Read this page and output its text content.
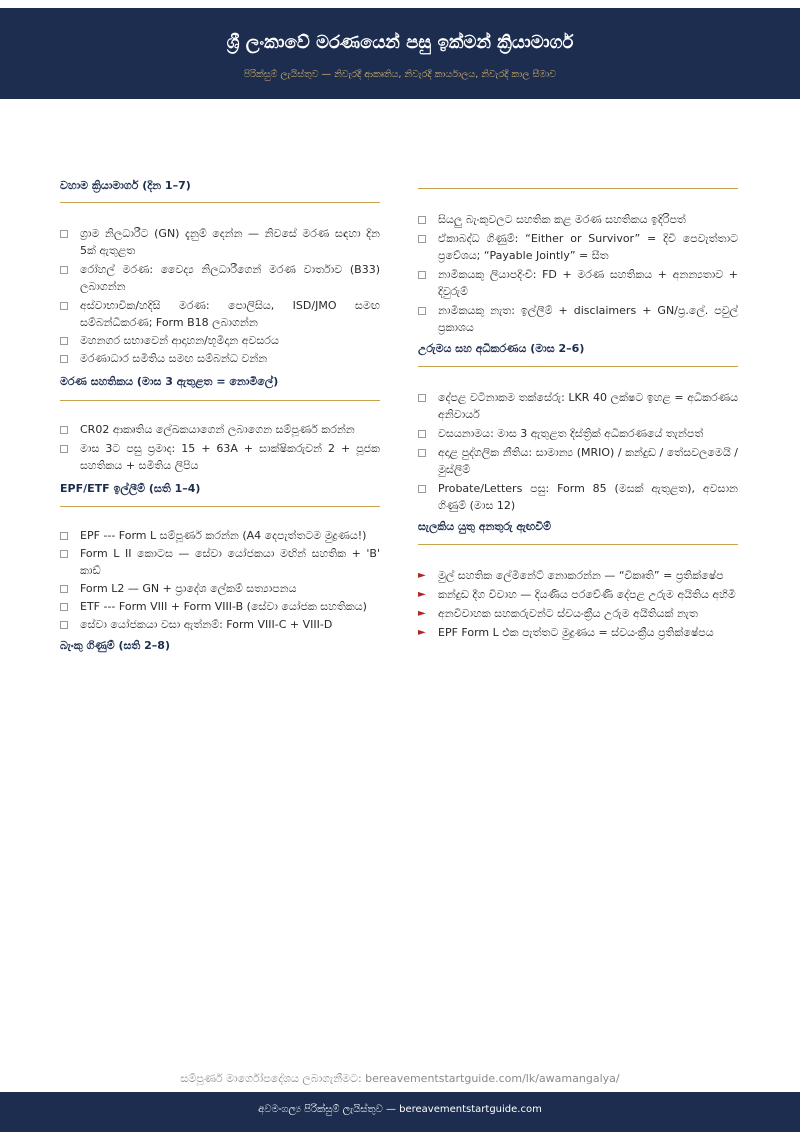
ශ්‍රී ලංකාවේ මරණයෙන් පසු ඉක්මන් ක්‍රියාමාර්ග
පිරික්සුම් ලැයිස්තුව — නිවැරදි ආකෘතිය, නිවැරදි කාර්යාලය, නිවැරදි කාල සීමාව
වහාම ක්‍රියාමාර්ග (දින 1–7)
ග්‍රාම නිලධාරීට (GN) දැනුම් දෙන්න — නිවසේ මරණ සඳහා දින 5ක් ඇතුළත
රෝහල් මරණ: වෛද්‍ය නිලධාරීගෙන් මරණ වාර්තාව (B33) ලබාගන්න
අස්වාභාවික/හදිසි මරණ: පොලිසිය, ISD/JMO සමඟ සම්බන්ධීකරණ; Form B18 ලබාගන්න
මහනගර සභාවෙන් ආදාහන/භූමිදාන අවසරය
මරණාධාර සමිතිය සමඟ සම්බන්ධ වන්න
මරණ සහතිකය (මාස 3 ඇතුළත = නොමිලේ)
CR02 ආකෘතිය ලේඛකයාගෙන් ලබාගෙන සම්පූර්ණ කරන්න
මාස 3ට පසු ප්‍රමාද: 15 + 63A + සාක්ෂිකරුවන් 2 + පූජක සහතිකය + සමිතිය ලිපිය
EPF/ETF ඉල්ලීම් (සති 1–4)
EPF --- Form L සම්පූර්ණ කරන්න (A4 දෙපැත්තටම මුද්‍රණය!)
Form L II කොටස — සේවා යෝජකයා මඟින් සහතික + 'B' කාඩ්
Form L2 — GN + ප්‍රාදේශ ලේකම් සත්‍යාපනය
ETF --- Form VIII + Form VIII-B (සේවා යෝජක සහතිකය)
සේවා යෝජකයා වසා ඇත්නම්: Form VIII-C + VIII-D
බැංකු ගිණුම් (සති 2–8)
සියලු බැංකුවලට සහතික කළ මරණ සහතිකය ඉදිරිපත්
ඒකාබද්ධ ගිණුම්: “Either or Survivor” = දිවි පෙවැත්තාට ප්‍රවේශය; “Payable Jointly” = සීත
නාමිකයකු ලියාපදිංචි: FD + මරණ සහතිකය + අනන්‍යතාව + දිවුරුම්
නාමිකයකු නැත: ඉල්ලීම් + disclaimers + GN/ප්‍ර.ලේ. පවුල් ප්‍රකාශය
උරුමය සහ අධිකරණය (මාස 2–6)
දේපළ වටිනාකම තක්සේරු: LKR 40 ලක්ෂට ඉහළ = අධිකරණය අනිවාර්ය
වසයනාමය: මාස 3 ඇතුළත දිස්ත්‍රික් අධිකරණයේ තැන්පත්
අදාළ පුද්ගලික නීතිය: සාමාන්‍ය (MRIO) / කන්දුඩ / තේසවලමෙයි / මුස්ලිම්
Probate/Letters පසු: Form 85 (මසක් ඇතුළත), අවසාන ගිණුම් (මාස 12)
සැලකිය යුතු අනතුරු ඇඟවීම්
► මුල් සහතික ලේමිනේට් නොකරන්න — “විකෘති” = ප්‍රතික්ෂේප
► කන්දුඩ දීග විවාහ — දියණිය පරවේණි දේපළ උරුම අයිතිය අහිමි
► අනවිවාහක සහකරුවන්ට ස්වයංක්‍රීය උරුම අයිතියක් නැත
► EPF Form L එක පැත්තට මුද්‍රණය = ස්වයංක්‍රීය ප්‍රතික්ෂේපය
සම්පූර්ණ මාර්ගෝපදේශය ලබාගැනීමට: bereavementstartguide.com/lk/awamangalya/
අවමංගල්‍ය පිරික්සුම් ලැයිස්තුව — bereavementstartguide.com
